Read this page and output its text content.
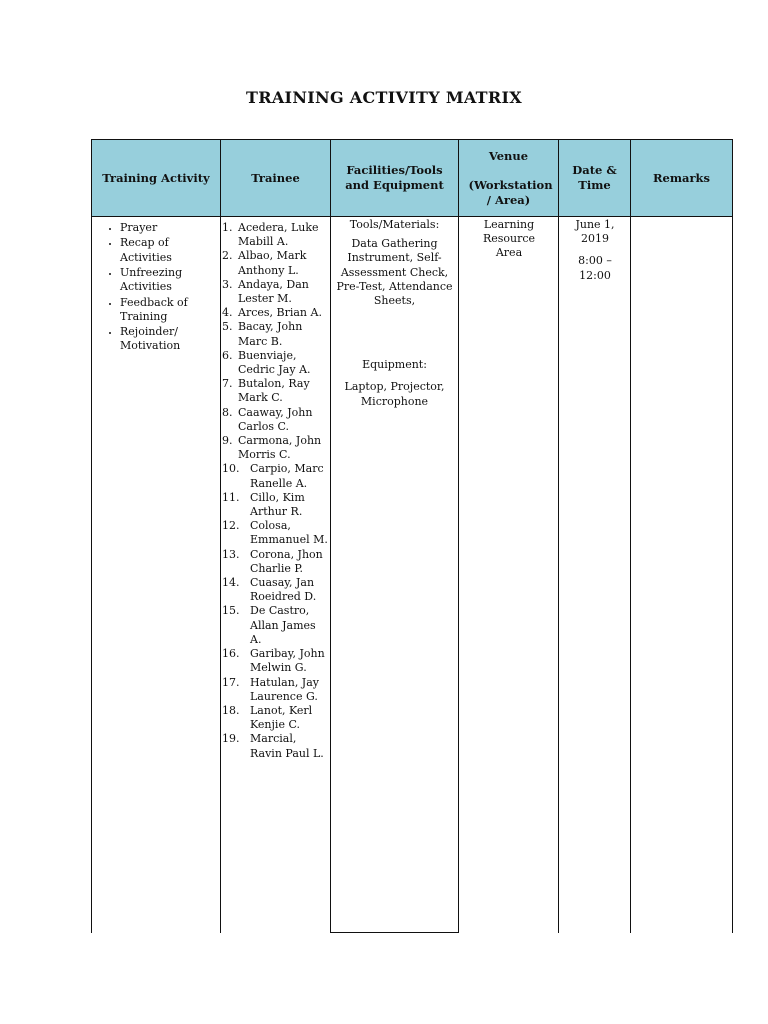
TRAINING ACTIVITY MATRIX
Training Activity	Trainee
Facilities/Tools and Equipment
Venue
(Workstation / Area)
Date & Time
Remarks
• Prayer
• Recap of Activities
• Unfreezing Activities
• Feedback of Training
• Rejoinder/ Motivation
1. Acedera, Luke Mabill A.
2. Albao, Mark Anthony L.
3. Andaya, Dan Lester M.
4. Arces, Brian A.
5. Bacay, John Marc B.
6. Buenviaje, Cedric Jay A.
7. Butalon, Ray Mark C.
8. Caaway, John Carlos C.
9. Carmona, John Morris C.
10. Carpio, Marc Ranelle A.
11. Cillo, Kim Arthur R.
12. Colosa, Emmanuel M.
13. Corona, Jhon Charlie P.
14. Cuasay, Jan Roeidred D.
15. De Castro, Allan James A.
16. Garibay, John Melwin G.
17. Hatulan, Jay Laurence G.
18. Lanot, Kerl Kenjie C.
19. Marcial, Ravin Paul L.

Tools/Materials:

Data Gathering Instrument, Self-Assessment Check, Pre-Test, Attendance Sheets,

Equipment:

Laptop, Projector, Microphone

Learning Resource Area

June 1, 2019

8:00 – 12:00
